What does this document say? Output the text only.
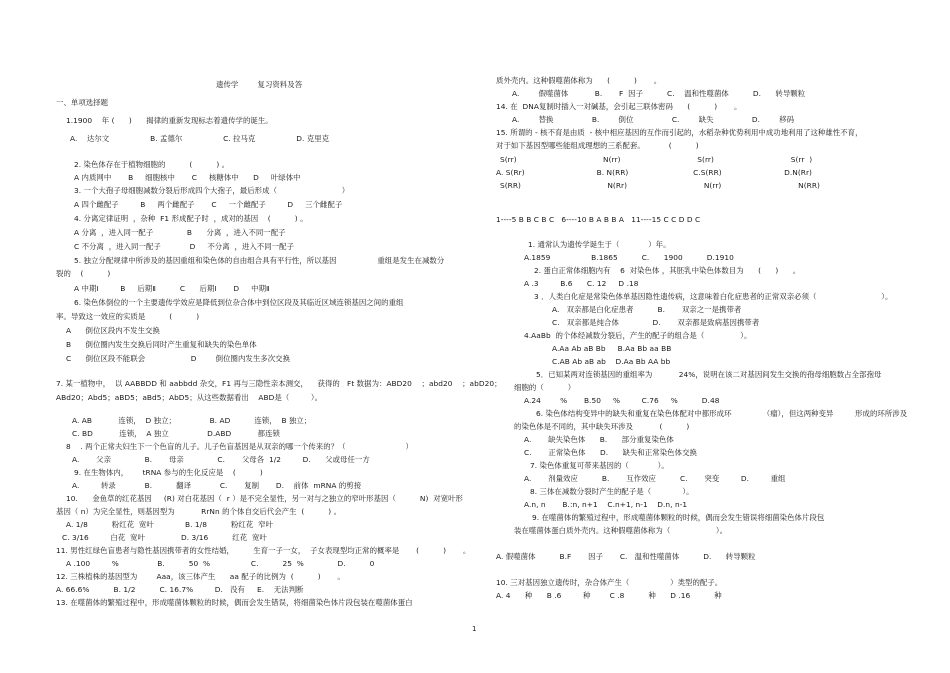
遗传学        复习资料及答
一、单项选择题
1.1900    年 (      )      揭律的重新发现标志着遗传学的诞生。
A.    达尔文                 B. 孟德尔                 C. 拉马克                 D. 克里克
2. 染色体存在于植物细胞的          (          ) 。
A 内质网中       B     细胞核中       C     核糖体中      D     叶绿体中
3. 一个大孢子母细胞减数分裂后形成四个大孢子，最后形成（                           ）
A 四个雌配子         B     两个雌配子       C     一个雌配子         D     三个雌配子
4. 分离定律证明  ，杂种  F1 形成配子时  ，成对的基因    (          ) 。
A 分离  ，进入同一配子              B      分离  ，进入不同一配子
C 不分离  ，进入同一配子            D     不分离  ，进入不同一配子
5. 独立分配规律中所涉及的基因重组和染色体的自由组合具有平行性，所以基因                 重组是发生在减数分
裂的    (          )
A 中期Ⅰ         B     后期Ⅱ          C      后期Ⅰ       D     中期Ⅱ
6. 染色体倒位的一个主要遗传学效应是降低到位杂合体中到位区段及其临近区域连锁基因之间的重组
率。导致这一效应的实质是          (          )
A      倒位区段内不发生交换
B      倒位圈内发生交换后同时产生重复和缺失的染色单体
C      倒位区段不能联会                   D        倒位圈内发生多次交换
7. 某一植物中，  以 AABBDD 和 aabbdd 杂交，F1 再与三隐性亲本测交，    获得的   Ft 数据为：ABD20    ；abd20    ；abD20；
ABd20；Abd5；aBD5；aBd5；AbD5；从这些数据看出    ABD是（         ）。
A. AB           连锁，  D 独立；              B. AD          连锁，  B 独立；
C. BD           连锁，  A 独立                D.ABD           都连锁
8    . 两个正常夫妇生下一个色盲的儿子。儿子色盲基因是从双亲的哪一个传来的？（                         ）
A.       父亲              B.       母亲              C.       父母各  1/2         D.      父或母任一方
9. 在生物体内，      tRNA 参与的生化反应是    (          )
A.         转录            B.          翻译            C.       复制       D.    前体  mRNA 的剪接
10.      金鱼草的红花基因     (R) 对白花基因（  r ）是不完全显性，另一对与之独立的窄叶形基因（          N)  对宽叶形
基因（ n）为完全显性，则基因型为           RrNn 的个体自交后代会产生  (          ) 。
A. 1/8          粉红花  宽叶             B. 1/8          粉红花  窄叶
C. 3/16         白花  宽叶               D. 3/16          红花  宽叶
11. 男性红绿色盲患者与隐性基因携带者的女性结婚，        生育一子一女，  子女表现型均正常的概率是       (          )       。
A .100         %                B.          50  %                 C.          25  %              D.          0
12. 三株植株的基因型为        Aaa，该三体产生      aa 配子的比例为  (          )       。
A. 66.6%          B. 1/2          C. 16.7%         D.   没有     E.    无法判断
13. 在噬菌体的繁殖过程中，形成噬菌体颗粒的时候，偶而会发生错误，将细菌染色体片段包装在噬菌体蛋白
质外壳内。这种假噬菌体称为      (          )       。
A.        假噬菌体           B.       F  因子          C.    温和性噬菌体          D.      转导颗粒
14. 在  DNA复制时插入一对碱基，会引起三联体密码      (          )       。
A.        替换                B.        倒位                C.        缺失                D.        移码
15. 所谓的 - 核不育是由质  - 核中相应基因的互作而引起的，水稻杂种优势利用中成功地利用了这种雄性不育，
对于如下基因型哪些能组成理想的三系配套。          (          )
S(rr)                                    N(rr)                                S(rr)                                S(rr  )
A. S(Rr)                              B. N(RR)                           C.S(RR)                          D.N(Rr)
S(RR)                                    N(Rr)                                N(rr)                                N(RR)
1----5 B B C B C   6----10 B A B B A   11----15 C C D D C
1. 通常认为遗传学诞生于（            ）年。
A.1859                 B.1865          C.      1900          D.1910
2. 蛋白正常体细胞内有    6  对染色体 ，其胚乳中染色体数目为      (      )      。
A .3         B.6      C. 12     D .18
3 ．人类白化症是常染色体单基因隐性遗传病，这意味着白化症患者的正常双亲必须（                           ）。
A.   双亲都是白化症患者          B.       双亲之一是携带者
C.   双亲都是纯合体              D.       双亲都是致病基因携带者
4.AaBb  的个体经减数分裂后，产生的配子的组合是（               ）。
A.Aa Ab aB Bb     B.Aa Bb aa BB
C.AB Ab aB ab    D.Aa Bb AA bb
5．已知某两对连锁基因的重组率为           24%，说明在该二对基因间发生交换的孢母细胞数占全部孢母
细胞的（          ）
A.24        %       B.50     %         C.76     %          D.48
6. 染色体结构变异中的缺失和重复在染色体配对中都形成环             （瘤），但这两种变异         形成的环所涉及
的染色体是不同的，其中缺失环涉及           (          )
A.       缺失染色体      B.      部分重复染色体
C.       正常染色体      D.      缺失和正常染色体交换
7. 染色体重复可带来基因的（            ）。
A.       剂量效应          B.       互作效应          C.       突变         D.         重组
8. 三体在减数分裂时产生的配子是（             ）。
A.n, n       B.:n, n+1    C.n+1, n-1    D.n, n-1
9. 在噬菌体的繁殖过程中，形成噬菌体颗粒的时候，偶而会发生错误将细菌染色体片段包
装在噬菌体蛋白质外壳内。这种假噬菌体称为（                   ）。
A. 假噬菌体          B.F       因子       C.   温和性噬菌体          D.      转导颗粒
10. 三对基因独立遗传时，杂合体产生（                 ）类型的配子。
A. 4      种      B .6         种        C .8          种      D .16          种
1
